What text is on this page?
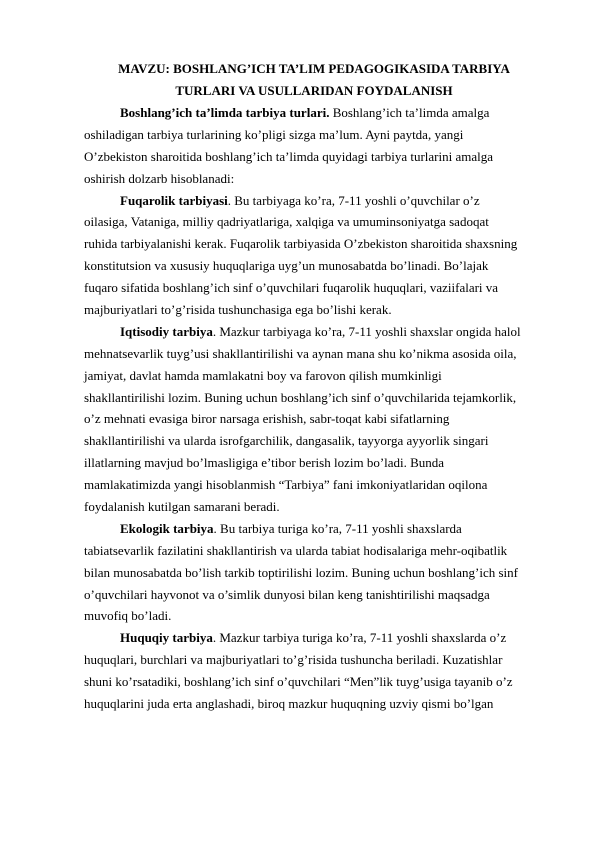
MAVZU: BOSHLANG’ICH TA’LIM PEDAGOGIKASIDA TARBIYA
TURLARI VA USULLARIDAN FOYDALANISH
Boshlang’ich ta’limda tarbiya turlari. Boshlang’ich ta’limda amalga
oshiladigan tarbiya turlarining ko’pligi sizga ma’lum. Ayni paytda, yangi
O’zbekiston sharoitida boshlang’ich ta’limda quyidagi tarbiya turlarini amalga
oshirish dolzarb hisoblanadi:
Fuqarolik tarbiyasi. Bu tarbiyaga ko’ra, 7-11 yoshli o’quvchilar o’z
oilasiga, Vataniga, milliy qadriyatlariga, xalqiga va umuminsoniyatga sadoqat
ruhida tarbiyalanishi kerak. Fuqarolik tarbiyasida O’zbekiston sharoitida shaxsning
konstitutsion va xususiy huquqlariga uyg’un munosabatda bo’linadi. Bo’lajak
fuqaro sifatida boshlang’ich sinf o’quvchilari fuqarolik huquqlari, vaziifalari va
majburiyatlari to’g’risida tushunchasiga ega bo’lishi kerak.
Iqtisodiy tarbiya. Mazkur tarbiyaga ko’ra, 7-11 yoshli shaxslar ongida halol
mehnatsevarlik tuyg’usi shakllantirilishi va aynan mana shu ko’nikma asosida oila,
jamiyat, davlat hamda mamlakatni boy va farovon qilish mumkinligi
shakllantirilishi lozim. Buning uchun boshlang’ich sinf o’quvchilarida tejamkorlik,
o’z mehnati evasiga biror narsaga erishish, sabr-toqat kabi sifatlarning
shakllantirilishi va ularda isrofgarchilik, dangasalik, tayyorga ayyorlik singari
illatlarning mavjud bo’lmasligiga e’tibor berish lozim bo’ladi. Bunda
mamlakatimizda yangi hisoblanmish “Tarbiya” fani imkoniyatlaridan oqilona
foydalanish kutilgan samarani beradi.
Ekologik tarbiya. Bu tarbiya turiga ko’ra, 7-11 yoshli shaxslarda
tabiatsevarlik fazilatini shakllantirish va ularda tabiat hodisalariga mehr-oqibatlik
bilan munosabatda bo’lish tarkib toptirilishi lozim. Buning uchun boshlang’ich sinf
o’quvchilari hayvonot va o’simlik dunyosi bilan keng tanishtirilishi maqsadga
muvofiq bo’ladi.
Huquqiy tarbiya. Mazkur tarbiya turiga ko’ra, 7-11 yoshli shaxslarda o’z
huquqlari, burchlari va majburiyatlari to’g’risida tushuncha beriladi. Kuzatishlar
shuni ko’rsatadiki, boshlang’ich sinf o’quvchilari “Men”lik tuyg’usiga tayanib o’z
huquqlarini juda erta anglashadi, biroq mazkur huquqning uzviy qismi bo’lgan
